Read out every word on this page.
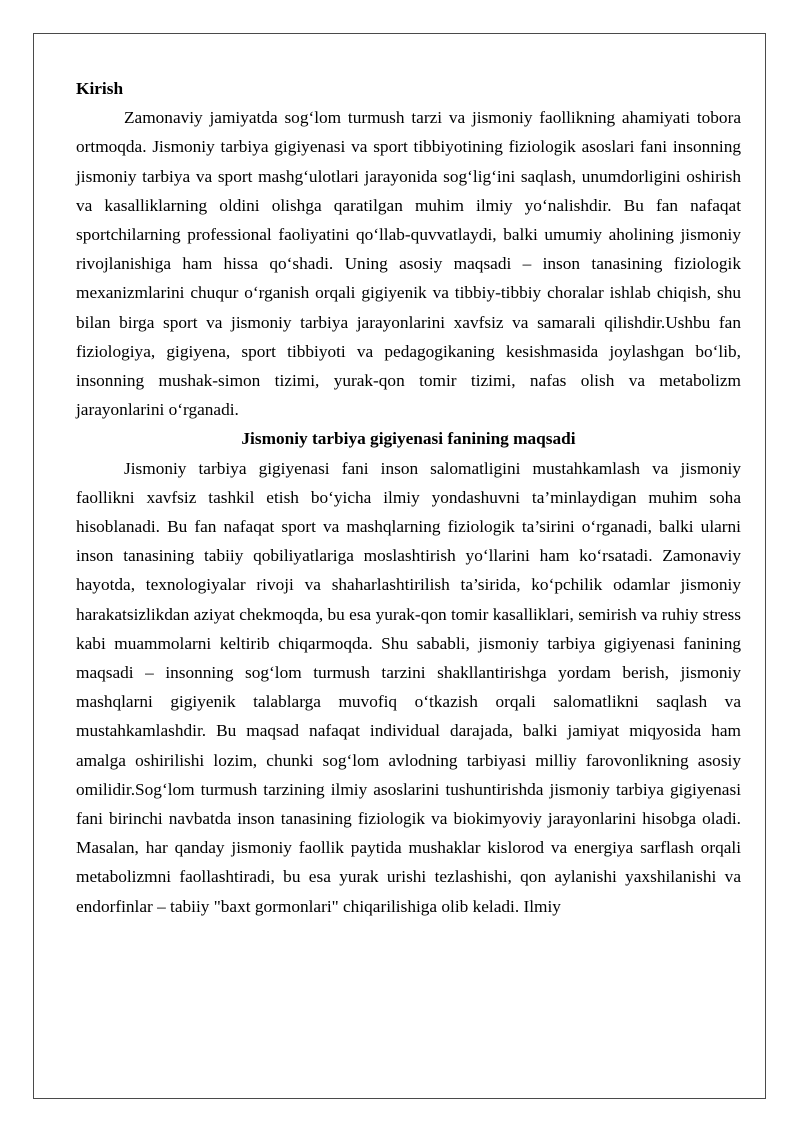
Kirish

Zamonaviy jamiyatda sog‘lom turmush tarzi va jismoniy faollikning ahamiyati tobora ortmoqda. Jismoniy tarbiya gigiyenasi va sport tibbiyotining fiziologik asoslari fani insonning jismoniy tarbiya va sport mashg‘ulotlari jarayonida sog‘lig‘ini saqlash, unumdorligini oshirish va kasalliklarning oldini olishga qaratilgan muhim ilmiy yo‘nalishdir. Bu fan nafaqat sportchilarning professional faoliyatini qo‘llab-quvvatlaydi, balki umumiy aholining jismoniy rivojlanishiga ham hissa qo‘shadi. Uning asosiy maqsadi – inson tanasining fiziologik mexanizmlarini chuqur o‘rganish orqali gigiyenik va tibbiy-tibbiy choralar ishlab chiqish, shu bilan birga sport va jismoniy tarbiya jarayonlarini xavfsiz va samarali qilishdir.Ushbu fan fiziologiya, gigiyena, sport tibbiyoti va pedagogikaning kesishmasida joylashgan bo‘lib, insonning mushak-simon tizimi, yurak-qon tomir tizimi, nafas olish va metabolizm jarayonlarini o‘rganadi.

Jismoniy tarbiya gigiyenasi fanining maqsadi

Jismoniy tarbiya gigiyenasi fani inson salomatligini mustahkamlash va jismoniy faollikni xavfsiz tashkil etish bo‘yicha ilmiy yondashuvni ta’minlaydigan muhim soha hisoblanadi. Bu fan nafaqat sport va mashqlarning fiziologik ta’sirini o‘rganadi, balki ularni inson tanasining tabiiy qobiliyatlariga moslashtirish yo‘llarini ham ko‘rsatadi. Zamonaviy hayotda, texnologiyalar rivoji va shaharlashtirilish ta’sirida, ko‘pchilik odamlar jismoniy harakatsizlikdan aziyat chekmoqda, bu esa yurak-qon tomir kasalliklari, semirish va ruhiy stress kabi muammolarni keltirib chiqarmoqda. Shu sababli, jismoniy tarbiya gigiyenasi fanining maqsadi – insonning sog‘lom turmush tarzini shakllantirishga yordam berish, jismoniy mashqlarni gigiyenik talablarga muvofiq o‘tkazish orqali salomatlikni saqlash va mustahkamlashdir. Bu maqsad nafaqat individual darajada, balki jamiyat miqyosida ham amalga oshirilishi lozim, chunki sog‘lom avlodning tarbiyasi milliy farovonlikning asosiy omilidir.Sog‘lom turmush tarzining ilmiy asoslarini tushuntirishda jismoniy tarbiya gigiyenasi fani birinchi navbatda inson tanasining fiziologik va biokimyoviy jarayonlarini hisobga oladi. Masalan, har qanday jismoniy faollik paytida mushaklar kislorod va energiya sarflash orqali metabolizmni faollashtiradi, bu esa yurak urishi tezlashishi, qon aylanishi yaxshilanishi va endorfinlar – tabiiy "baxt gormonlari" chiqarilishiga olib keladi. Ilmiy
